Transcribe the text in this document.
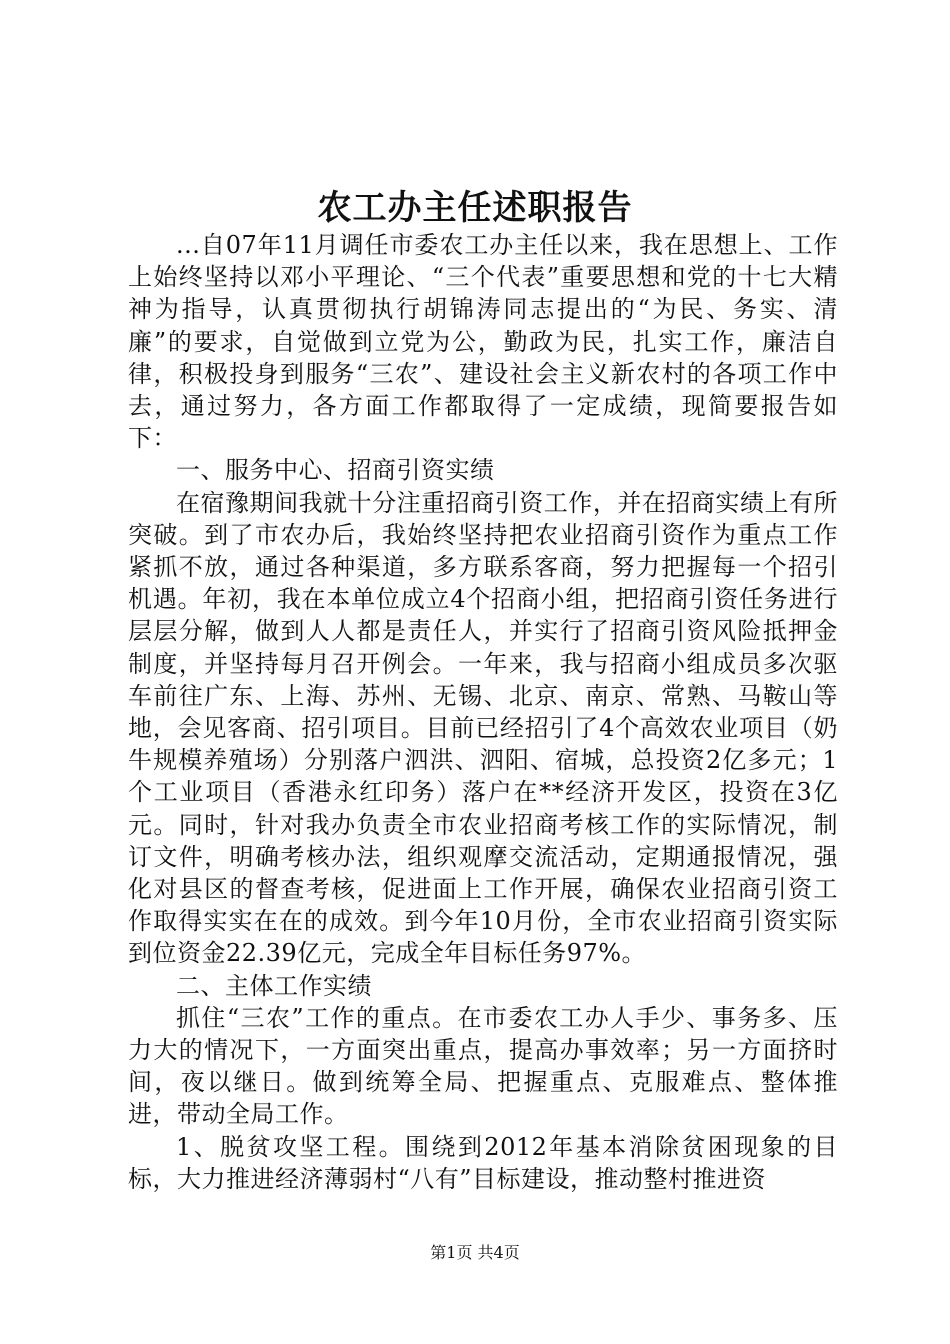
农工办主任述职报告

...自07年11月调任市委农工办主任以来，我在思想上、工作上始终坚持以邓小平理论、“三个代表”重要思想和党的十七大精神为指导，认真贯彻执行胡锦涛同志提出的“为民、务实、清廉”的要求，自觉做到立党为公，勤政为民，扎实工作，廉洁自律，积极投身到服务“三农”、建设社会主义新农村的各项工作中去，通过努力，各方面工作都取得了一定成绩，现简要报告如下：

一、服务中心、招商引资实绩

在宿豫期间我就十分注重招商引资工作，并在招商实绩上有所突破。到了市农办后，我始终坚持把农业招商引资作为重点工作紧抓不放，通过各种渠道，多方联系客商，努力把握每一个招引机遇。年初，我在本单位成立4个招商小组，把招商引资任务进行层层分解，做到人人都是责任人，并实行了招商引资风险抵押金制度，并坚持每月召开例会。一年来，我与招商小组成员多次驱车前往广东、上海、苏州、无锡、北京、南京、常熟、马鞍山等地，会见客商、招引项目。目前已经招引了4个高效农业项目（奶牛规模养殖场）分别落户泗洪、泗阳、宿城，总投资2亿多元；1个工业项目（香港永红印务）落户在**经济开发区，投资在3亿元。同时，针对我办负责全市农业招商考核工作的实际情况，制订文件，明确考核办法，组织观摩交流活动，定期通报情况，强化对县区的督查考核，促进面上工作开展，确保农业招商引资工作取得实实在在的成效。到今年10月份，全市农业招商引资实际到位资金22.39亿元，完成全年目标任务97%。

二、主体工作实绩

抓住“三农”工作的重点。在市委农工办人手少、事务多、压力大的情况下，一方面突出重点，提高办事效率；另一方面挤时间，夜以继日。做到统筹全局、把握重点、克服难点、整体推进，带动全局工作。

1、脱贫攻坚工程。围绕到2012年基本消除贫困现象的目标，大力推进经济薄弱村“八有”目标建设，推动整村推进资

第1页 共4页
